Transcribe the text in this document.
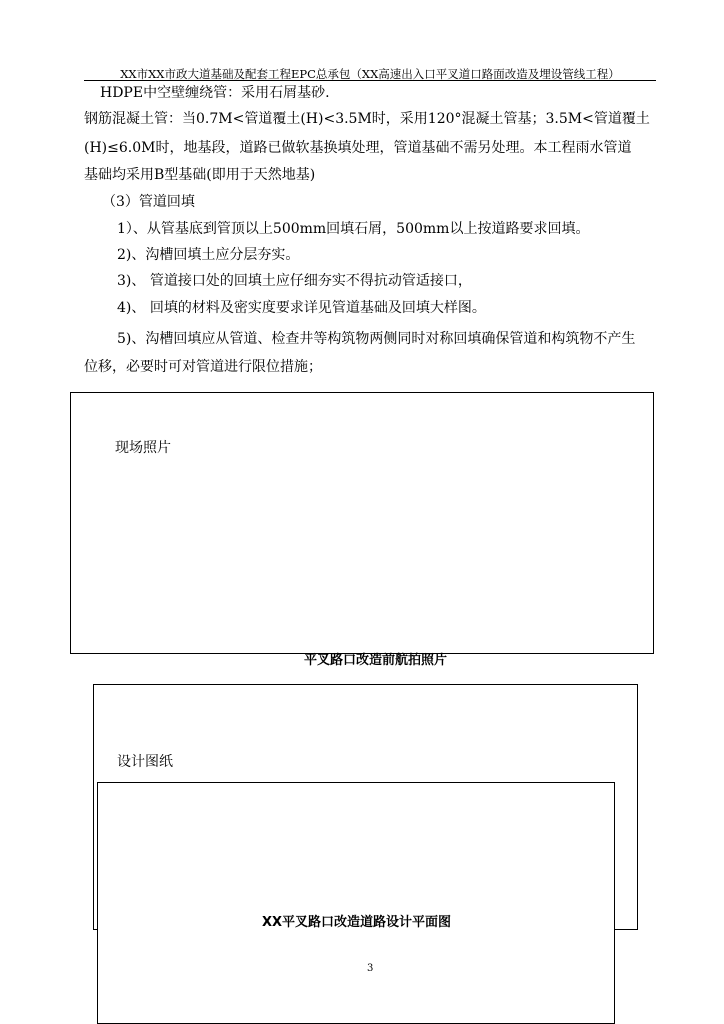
XX市XX市政大道基础及配套工程EPC总承包（XX高速出入口平叉道口路面改造及埋设管线工程）
HDPE中空壁缠绕管：采用石屑基砂.
钢筋混凝土管：当0.7M<管道覆土(H)<3.5M时，采用120°混凝土管基；3.5M<管道覆土
(H)≤6.0M时，地基段，道路已做软基换填处理，管道基础不需另处理。本工程雨水管道
基础均采用B型基础(即用于天然地基)
（3）管道回填
1）、从管基底到管顶以上500mm回填石屑，500mm以上按道路要求回填。
2)、沟槽回填土应分层夯实。
3)、 管道接口处的回填土应仔细夯实不得抗动管适接口，
4)、 回填的材料及密实度要求详见管道基础及回填大样图。
5)、沟槽回填应从管道、检查井等构筑物两侧同时对称回填确保管道和构筑物不产生
位移，必要时可对管道进行限位措施；
现场照片
平叉路口改造前航拍照片
设计图纸
XX平叉路口改造道路设计平面图
3
